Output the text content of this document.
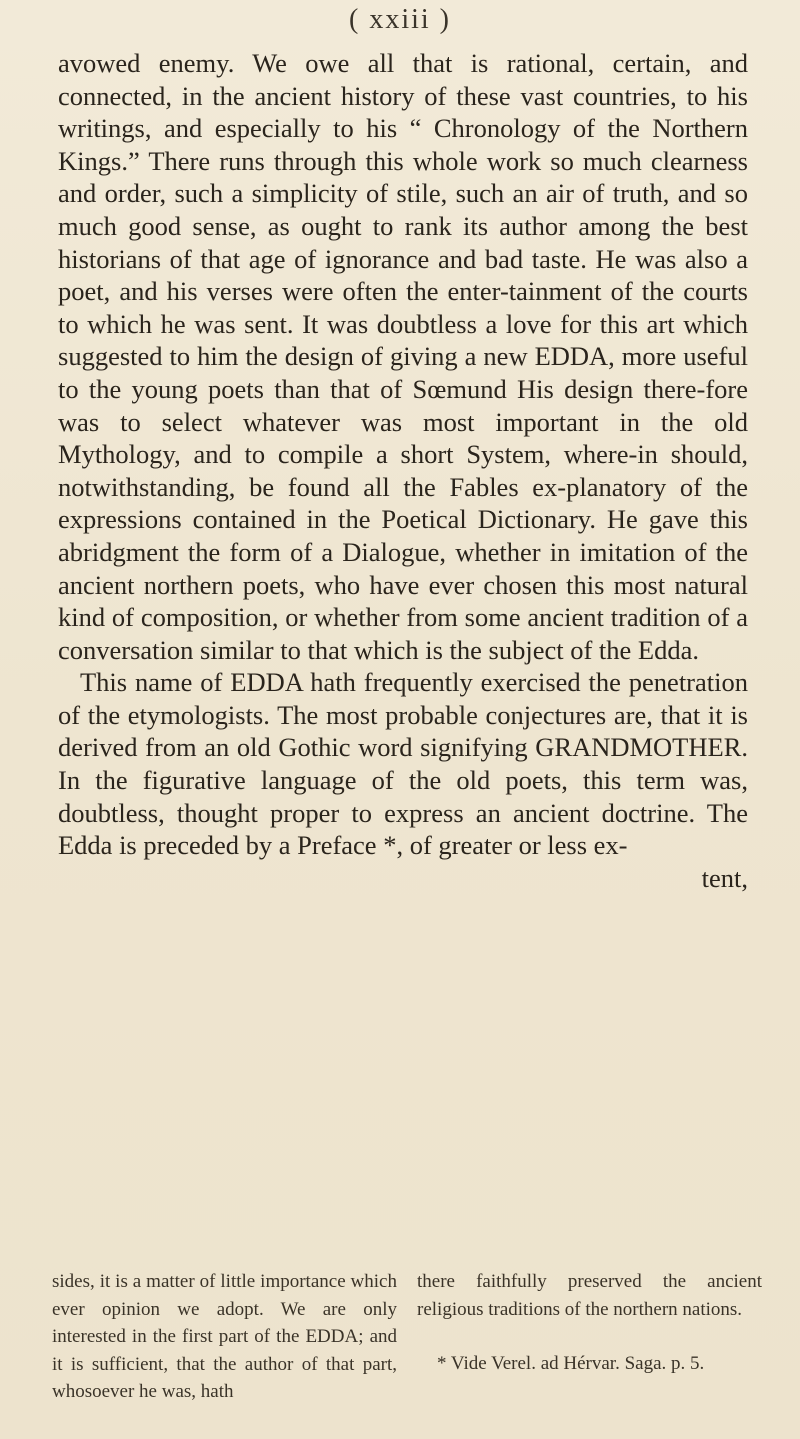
( xxiii )

avowed enemy. We owe all that is rational, certain, and connected, in the ancient history of these vast countries, to his writings, and especially to his “ Chronology of the Northern Kings.” There runs through this whole work so much clearness and order, such a simplicity of stile, such an air of truth, and so much good sense, as ought to rank its author among the best historians of that age of ignorance and bad taste. He was also a poet, and his verses were often the enter-tainment of the courts to which he was sent. It was doubtless a love for this art which suggested to him the design of giving a new EDDA, more useful to the young poets than that of Sœmund His design there-fore was to select whatever was most important in the old Mythology, and to compile a short System, where-in should, notwithstanding, be found all the Fables ex-planatory of the expressions contained in the Poetical Dictionary. He gave this abridgment the form of a Dialogue, whether in imitation of the ancient northern poets, who have ever chosen this most natural kind of composition, or whether from some ancient tradition of a conversation similar to that which is the subject of the Edda.

This name of EDDA hath frequently exercised the penetration of the etymologists. The most probable conjectures are, that it is derived from an old Gothic word signifying GRANDMOTHER. In the figurative language of the old poets, this term was, doubtless, thought proper to express an ancient doctrine. The Edda is preceded by a Preface *, of greater or less ex-

tent,

sides, it is a matter of little importance which ever opinion we adopt. We are only interested in the first part of the EDDA; and it is sufficient, that the author of that part, whosoever he was, hath

there faithfully preserved the ancient religious traditions of the northern nations.

* Vide Verel. ad Hérvar. Saga. p. 5.
